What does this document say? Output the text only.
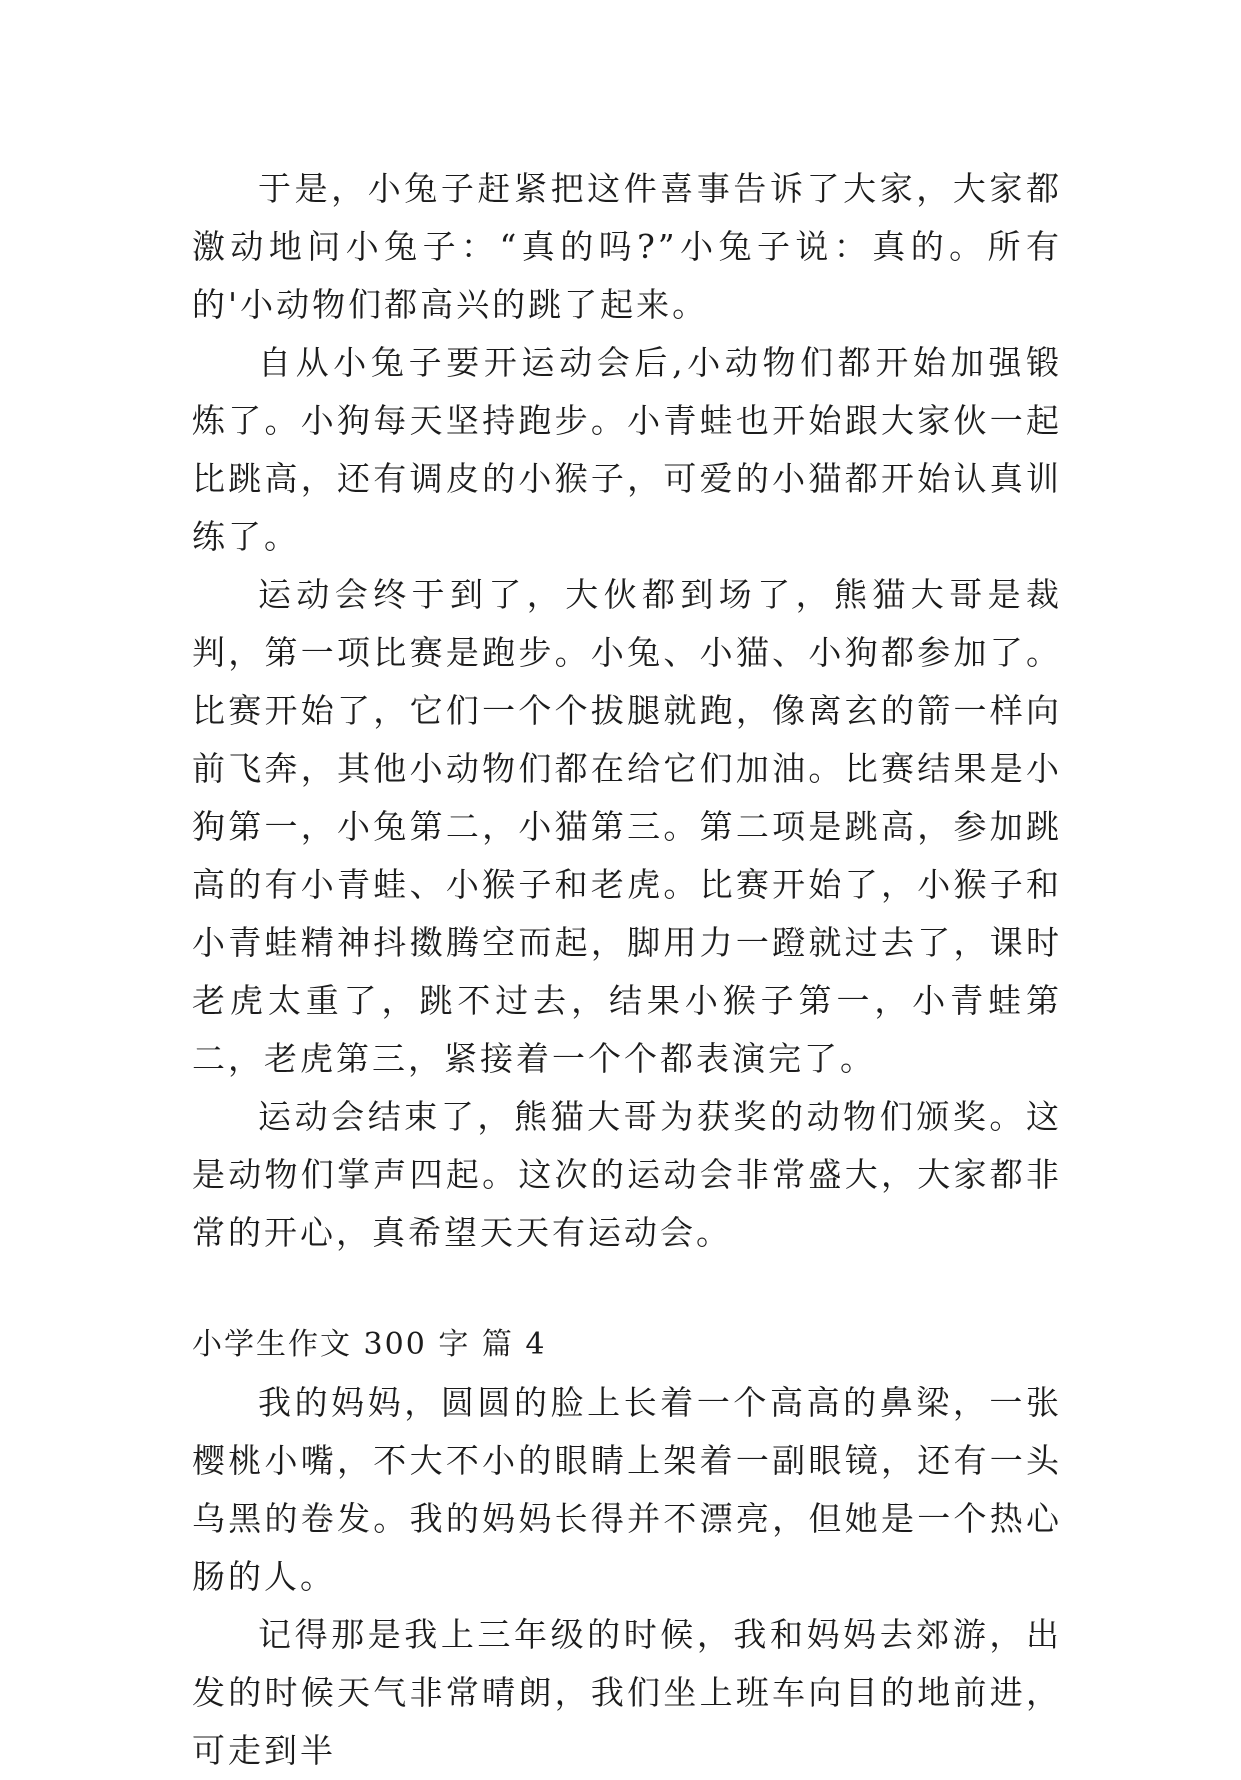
于是，小兔子赶紧把这件喜事告诉了大家，大家都激动地问小兔子：“真的吗?”小兔子说：真的。所有的'小动物们都高兴的跳了起来。

自从小兔子要开运动会后,小动物们都开始加强锻炼了。小狗每天坚持跑步。小青蛙也开始跟大家伙一起比跳高，还有调皮的小猴子，可爱的小猫都开始认真训练了。

运动会终于到了，大伙都到场了，熊猫大哥是裁判，第一项比赛是跑步。小兔、小猫、小狗都参加了。比赛开始了，它们一个个拔腿就跑，像离玄的箭一样向前飞奔，其他小动物们都在给它们加油。比赛结果是小狗第一，小兔第二，小猫第三。第二项是跳高，参加跳高的有小青蛙、小猴子和老虎。比赛开始了，小猴子和小青蛙精神抖擞腾空而起，脚用力一蹬就过去了，课时老虎太重了，跳不过去，结果小猴子第一，小青蛙第二，老虎第三，紧接着一个个都表演完了。

运动会结束了，熊猫大哥为获奖的动物们颁奖。这是动物们掌声四起。这次的运动会非常盛大，大家都非常的开心，真希望天天有运动会。

小学生作文 300 字 篇 4

我的妈妈，圆圆的脸上长着一个高高的鼻梁，一张樱桃小嘴，不大不小的眼睛上架着一副眼镜，还有一头乌黑的卷发。我的妈妈长得并不漂亮，但她是一个热心肠的人。

记得那是我上三年级的时候，我和妈妈去郊游，出发的时候天气非常晴朗，我们坐上班车向目的地前进，可走到半
